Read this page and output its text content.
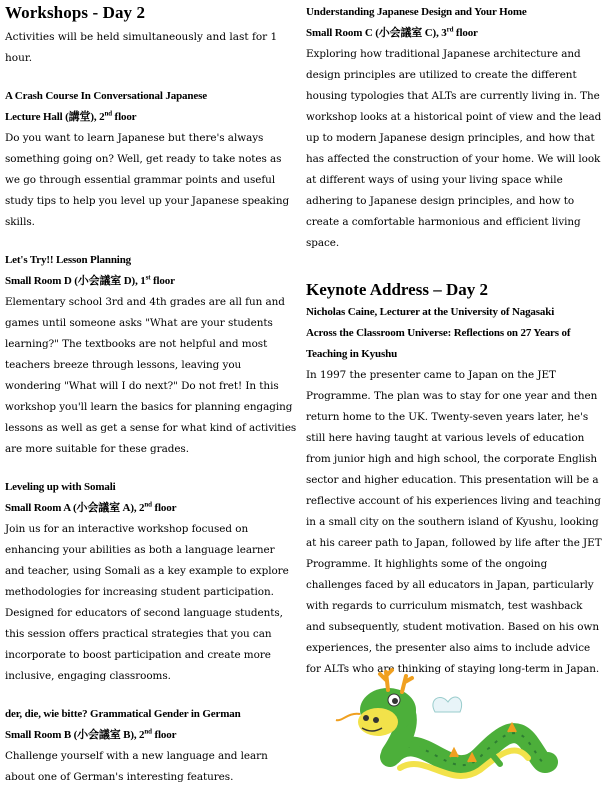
Workshops - Day 2

Activities will be held simultaneously and last for 1 hour.

A Crash Course In Conversational Japanese

Lecture Hall (講堂), 2nd floor

Do you want to learn Japanese but there's always something going on? Well, get ready to take notes as we go through essential grammar points and useful study tips to help you level up your Japanese speaking skills.

Let's Try!! Lesson Planning

Small Room D (小会議室 D), 1st floor

Elementary school 3rd and 4th grades are all fun and games until someone asks "What are your students learning?" The textbooks are not helpful and most teachers breeze through lessons, leaving you wondering "What will I do next?" Do not fret! In this workshop you'll learn the basics for planning engaging lessons as well as get a sense for what kind of activities are more suitable for these grades.

Leveling up with Somali

Small Room A (小会議室 A), 2nd floor

Join us for an interactive workshop focused on enhancing your abilities as both a language learner and teacher, using Somali as a key example to explore methodologies for increasing student participation. Designed for educators of second language students, this session offers practical strategies that you can incorporate to boost participation and create more inclusive, engaging classrooms.

der, die, wie bitte? Grammatical Gender in German

Small Room B (小会議室 B), 2nd floor

Challenge yourself with a new language and learn about one of German's interesting features.

Understanding Japanese Design and Your Home

Small Room C (小会議室 C), 3rd floor

Exploring how traditional Japanese architecture and design principles are utilized to create the different housing typologies that ALTs are currently living in. The workshop looks at a historical point of view and the lead up to modern Japanese design principles, and how that has affected the construction of your home. We will look at different ways of using your living space while adhering to Japanese design principles, and how to create a comfortable harmonious and efficient living space.

Keynote Address – Day 2

Nicholas Caine, Lecturer at the University of Nagasaki

Across the Classroom Universe: Reflections on 27 Years of Teaching in Kyushu

In 1997 the presenter came to Japan on the JET Programme. The plan was to stay for one year and then return home to the UK. Twenty-seven years later, he's still here having taught at various levels of education from junior high and high school, the corporate English sector and higher education. This presentation will be a reflective account of his experiences living and teaching in a small city on the southern island of Kyushu, looking at his career path to Japan, followed by life after the JET Programme. It highlights some of the ongoing challenges faced by all educators in Japan, particularly with regards to curriculum mismatch, test washback and subsequently, student motivation. Based on his own experiences, the presenter also aims to include advice for ALTs who are thinking of staying long-term in Japan.
